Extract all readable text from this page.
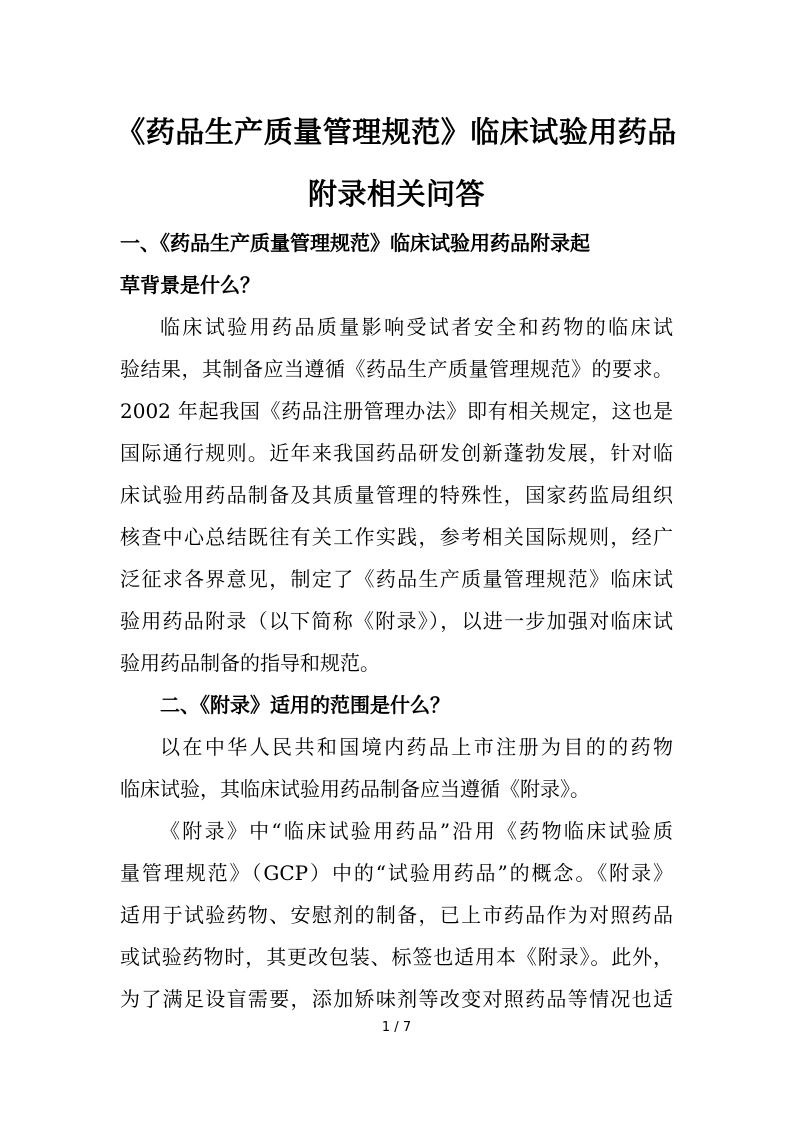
《药品生产质量管理规范》临床试验用药品
附录相关问答
一、《药品生产质量管理规范》临床试验用药品附录起
草背景是什么？
临床试验用药品质量影响受试者安全和药物的临床试
验结果，其制备应当遵循《药品生产质量管理规范》的要求。
2002 年起我国《药品注册管理办法》即有相关规定，这也是
国际通行规则。近年来我国药品研发创新蓬勃发展，针对临
床试验用药品制备及其质量管理的特殊性，国家药监局组织
核查中心总结既往有关工作实践，参考相关国际规则，经广
泛征求各界意见，制定了《药品生产质量管理规范》临床试
验用药品附录（以下简称《附录》），以进一步加强对临床试
验用药品制备的指导和规范。
二、《附录》适用的范围是什么？
以在中华人民共和国境内药品上市注册为目的的药物
临床试验，其临床试验用药品制备应当遵循《附录》。
《附录》中“临床试验用药品”沿用《药物临床试验质
量管理规范》（GCP）中的“试验用药品”的概念。《附录》
适用于试验药物、安慰剂的制备，已上市药品作为对照药品
或试验药物时，其更改包装、标签也适用本《附录》。此外，
为了满足设盲需要，添加矫味剂等改变对照药品等情况也适
1 / 7
